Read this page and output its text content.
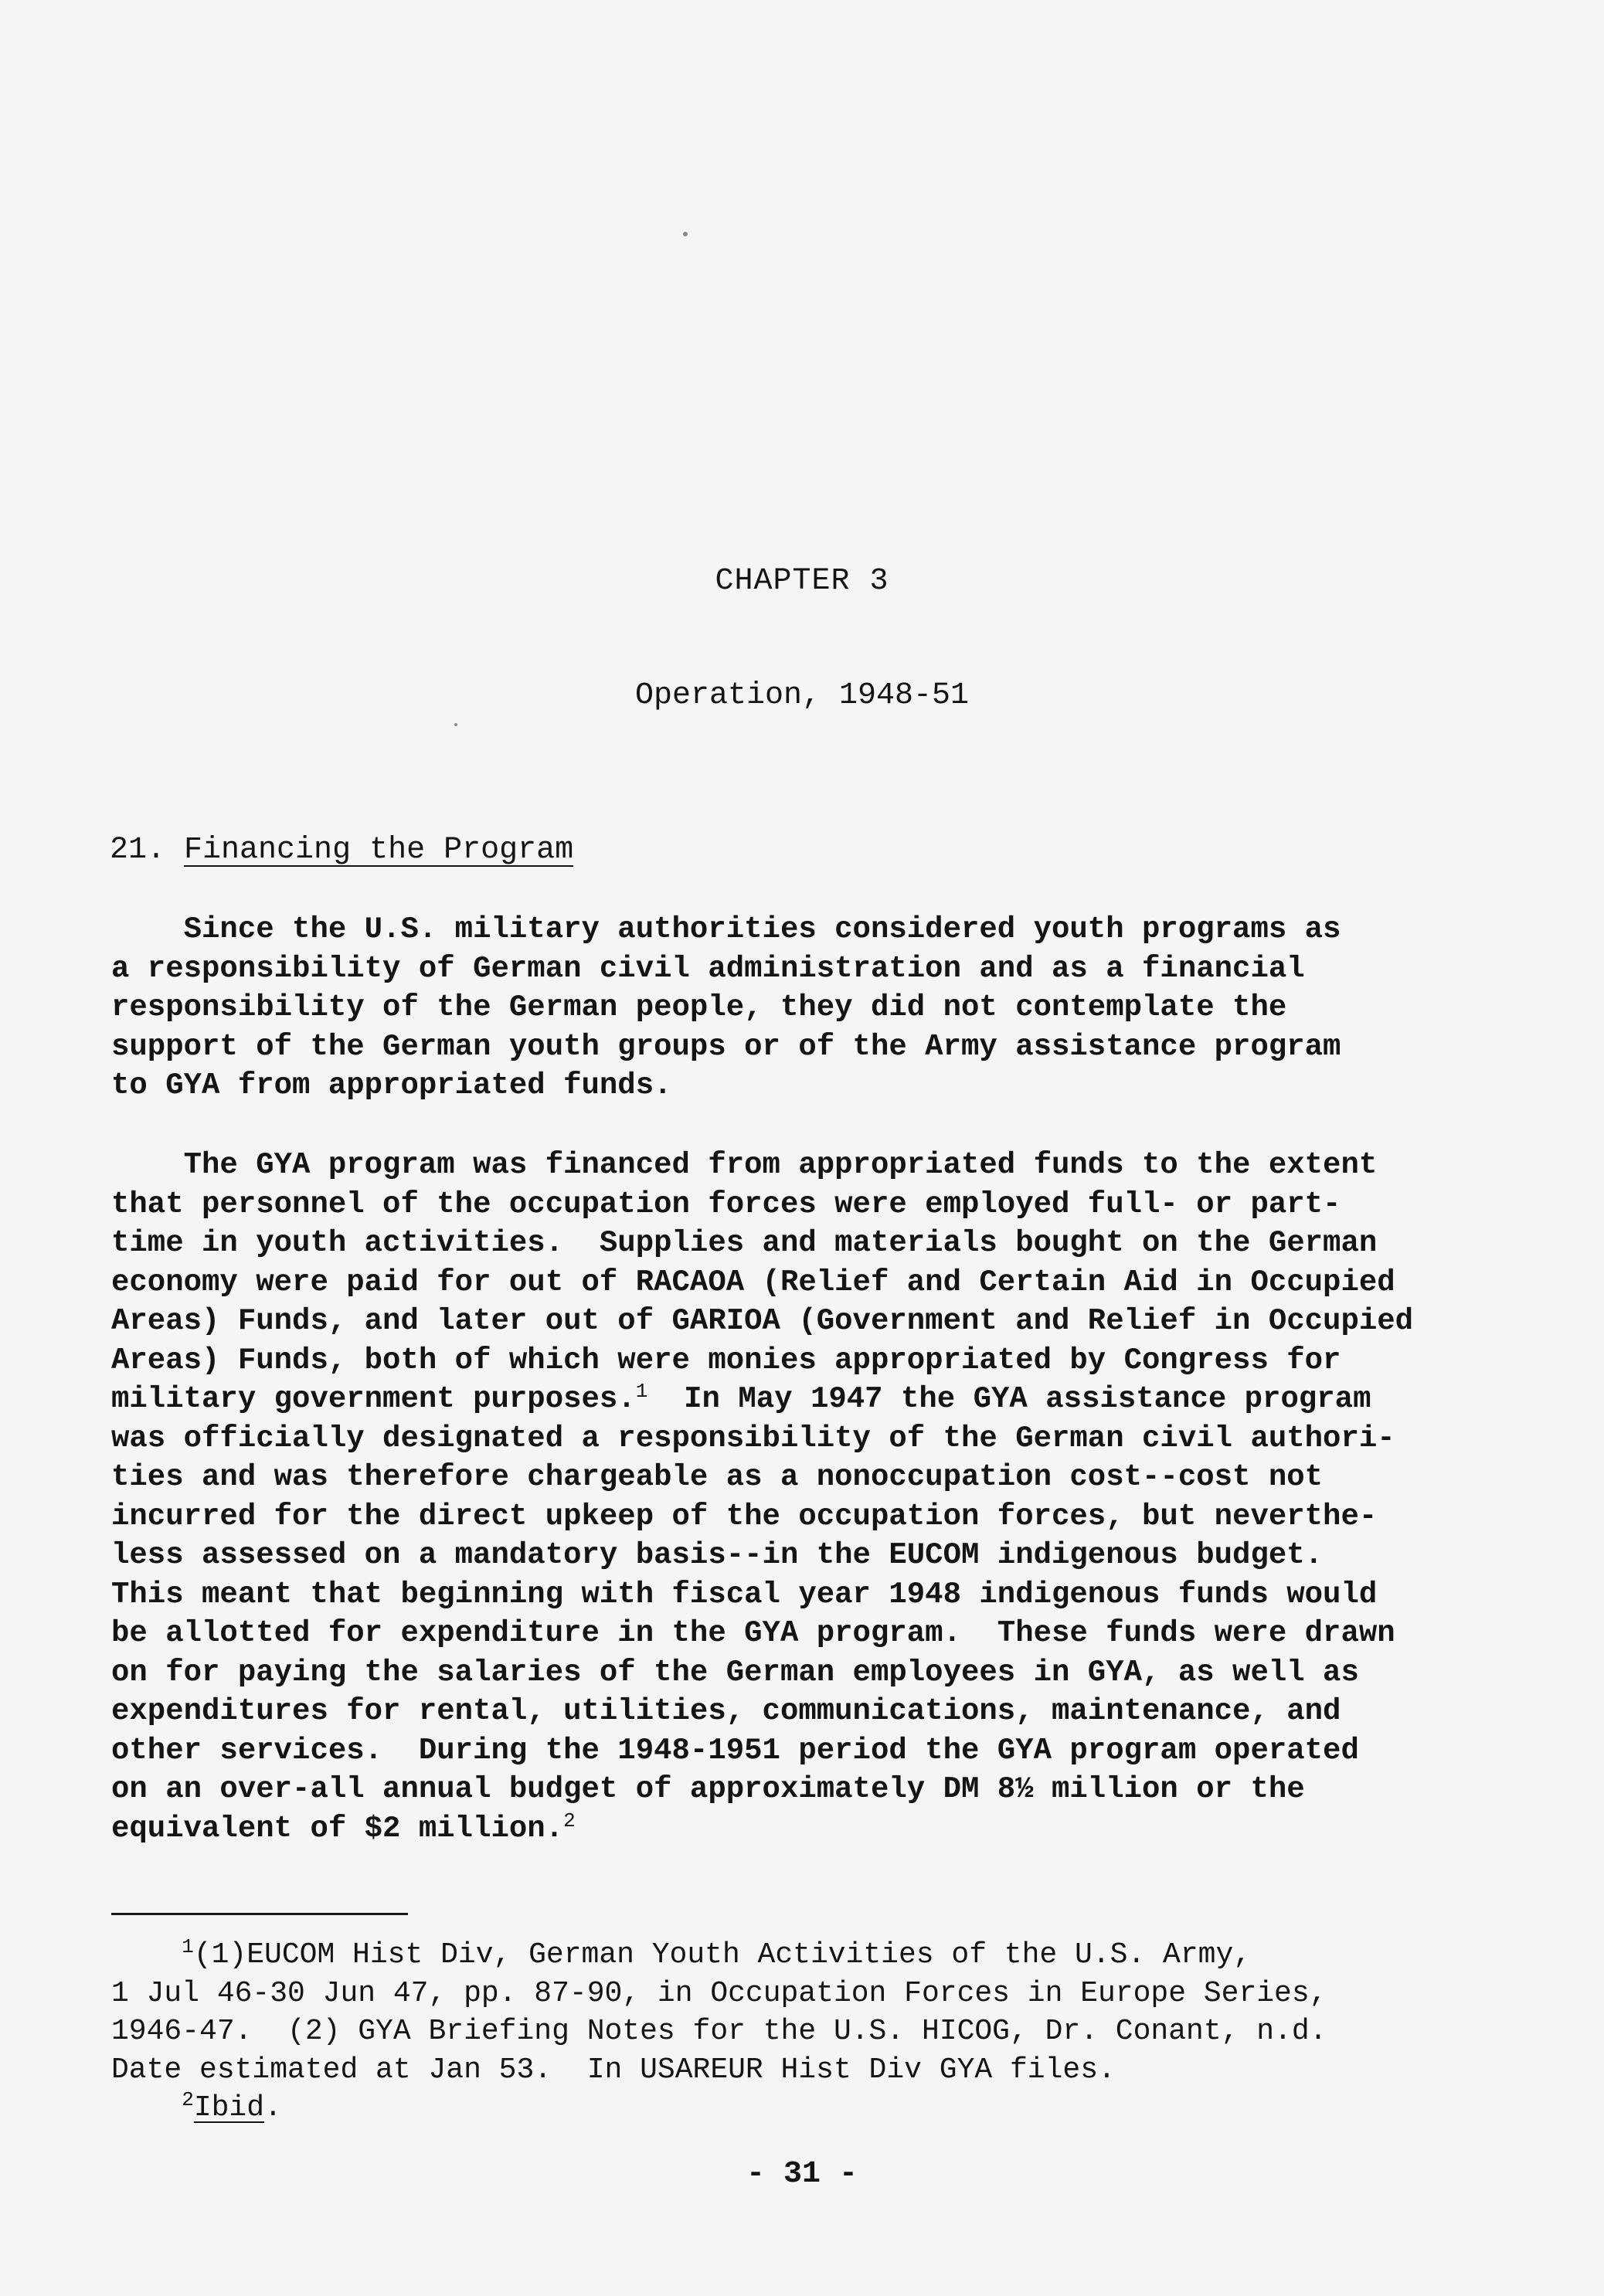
CHAPTER 3
Operation, 1948-51
21. Financing the Program
Since the U.S. military authorities considered youth programs as
a responsibility of German civil administration and as a financial
responsibility of the German people, they did not contemplate the
support of the German youth groups or of the Army assistance program
to GYA from appropriated funds.
The GYA program was financed from appropriated funds to the extent
that personnel of the occupation forces were employed full- or part-
time in youth activities.  Supplies and materials bought on the German
economy were paid for out of RACAOA (Relief and Certain Aid in Occupied
Areas) Funds, and later out of GARIOA (Government and Relief in Occupied
Areas) Funds, both of which were monies appropriated by Congress for
military government purposes.$^1$  In May 1947 the GYA assistance program
was officially designated a responsibility of the German civil authori-
ties and was therefore chargeable as a nonoccupation cost--cost not
incurred for the direct upkeep of the occupation forces, but neverthe-
less assessed on a mandatory basis--in the EUCOM indigenous budget.
This meant that beginning with fiscal year 1948 indigenous funds would
be allotted for expenditure in the GYA program.  These funds were drawn
on for paying the salaries of the German employees in GYA, as well as
expenditures for rental, utilities, communications, maintenance, and
other services.  During the 1948-1951 period the GYA program operated
on an over-all annual budget of approximately DM 8½ million or the
equivalent of $2 million.$^2$
$^1$(1)EUCOM Hist Div, German Youth Activities of the U.S. Army,
1 Jul 46-30 Jun 47, pp. 87-90, in Occupation Forces in Europe Series,
1946-47.  (2) GYA Briefing Notes for the U.S. HICOG, Dr. Conant, n.d.
Date estimated at Jan 53.  In USAREUR Hist Div GYA files.
$^2$Ibid.
- 31 -
